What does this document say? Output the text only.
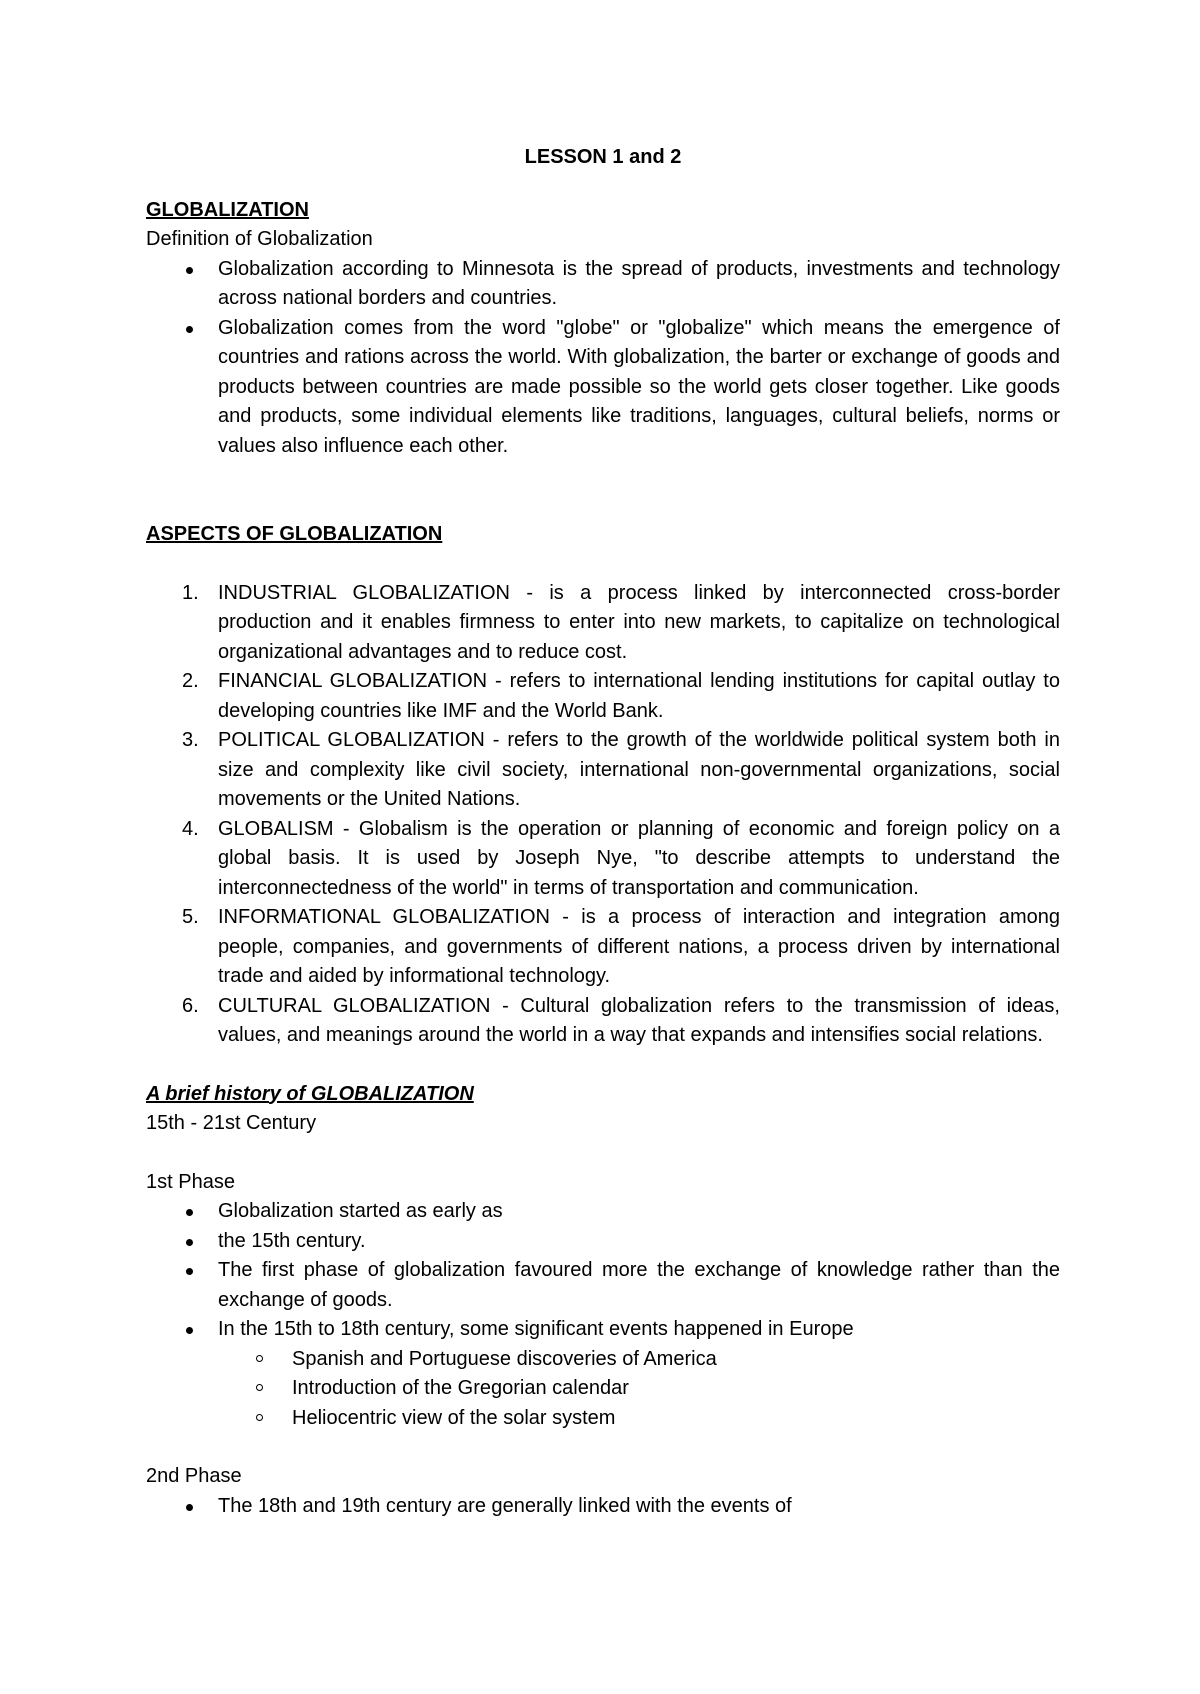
LESSON 1 and 2

GLOBALIZATION

Definition of Globalization

Globalization according to Minnesota is the spread of products, investments and technology across national borders and countries.
Globalization comes from the word "globe" or "globalize" which means the emergence of countries and rations across the world. With globalization, the barter or exchange of goods and products between countries are made possible so the world gets closer together. Like goods and products, some individual elements like traditions, languages, cultural beliefs, norms or values also influence each other.

ASPECTS OF GLOBALIZATION

1. INDUSTRIAL GLOBALIZATION - is a process linked by interconnected cross-border production and it enables firmness to enter into new markets, to capitalize on technological organizational advantages and to reduce cost.
2. FINANCIAL GLOBALIZATION - refers to international lending institutions for capital outlay to developing countries like IMF and the World Bank.
3. POLITICAL GLOBALIZATION - refers to the growth of the worldwide political system both in size and complexity like civil society, international non-governmental organizations, social movements or the United Nations.
4. GLOBALISM - Globalism is the operation or planning of economic and foreign policy on a global basis. It is used by Joseph Nye, "to describe attempts to understand the interconnectedness of the world" in terms of transportation and communication.
5. INFORMATIONAL GLOBALIZATION - is a process of interaction and integration among people, companies, and governments of different nations, a process driven by international trade and aided by informational technology.
6. CULTURAL GLOBALIZATION - Cultural globalization refers to the transmission of ideas, values, and meanings around the world in a way that expands and intensifies social relations.

A brief history of GLOBALIZATION

15th - 21st Century

1st Phase

Globalization started as early as
the 15th century.
The first phase of globalization favoured more the exchange of knowledge rather than the exchange of goods.
In the 15th to 18th century, some significant events happened in Europe
Spanish and Portuguese discoveries of America
Introduction of the Gregorian calendar
Heliocentric view of the solar system

2nd Phase

The 18th and 19th century are generally linked with the events of
